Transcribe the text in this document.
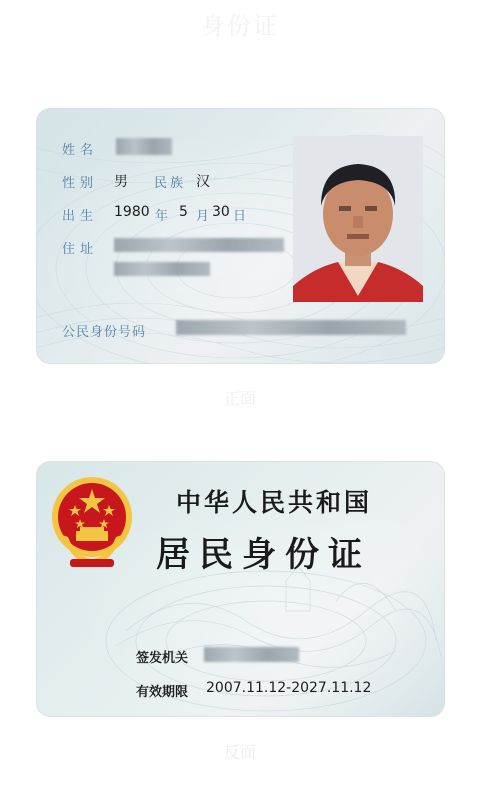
身份证
姓名
性别 男 民族 汉
出生 1980 年 5 月 30 日
住址
公民身份号码
正面
中华人民共和国
居民身份证
签发机关
有效期限 2007.11.12-2027.11.12
反面
